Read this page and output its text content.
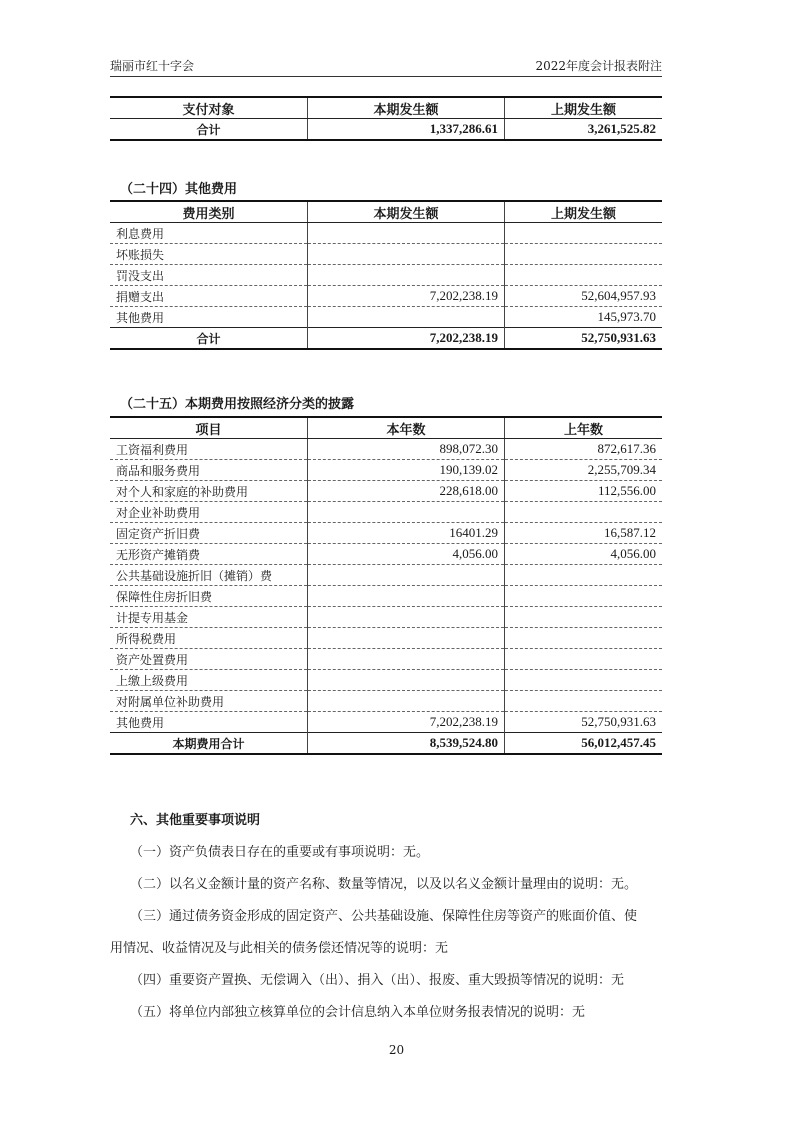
瑞丽市红十字会	2022年度会计报表附注
支付对象	本期发生额	上期发生额
合计	1,337,286.61	3,261,525.82
（二十四）其他费用
费用类别	本期发生额	上期发生额
利息费用		
坏账损失		
罚没支出		
捐赠支出	7,202,238.19	52,604,957.93
其他费用		145,973.70
合计	7,202,238.19	52,750,931.63
（二十五）本期费用按照经济分类的披露
项目	本年数	上年数
工资福利费用	898,072.30	872,617.36
商品和服务费用	190,139.02	2,255,709.34
对个人和家庭的补助费用	228,618.00	112,556.00
对企业补助费用		
固定资产折旧费	16401.29	16,587.12
无形资产摊销费	4,056.00	4,056.00
公共基础设施折旧（摊销）费		
保障性住房折旧费		
计提专用基金		
所得税费用		
资产处置费用		
上缴上级费用		
对附属单位补助费用		
其他费用	7,202,238.19	52,750,931.63
本期费用合计	8,539,524.80	56,012,457.45
六、其他重要事项说明
（一）资产负债表日存在的重要或有事项说明：无。
（二）以名义金额计量的资产名称、数量等情况，以及以名义金额计量理由的说明：无。
（三）通过债务资金形成的固定资产、公共基础设施、保障性住房等资产的账面价值、使
用情况、收益情况及与此相关的债务偿还情况等的说明：无
（四）重要资产置换、无偿调入（出）、捐入（出）、报废、重大毁损等情况的说明：无
（五）将单位内部独立核算单位的会计信息纳入本单位财务报表情况的说明：无
20
